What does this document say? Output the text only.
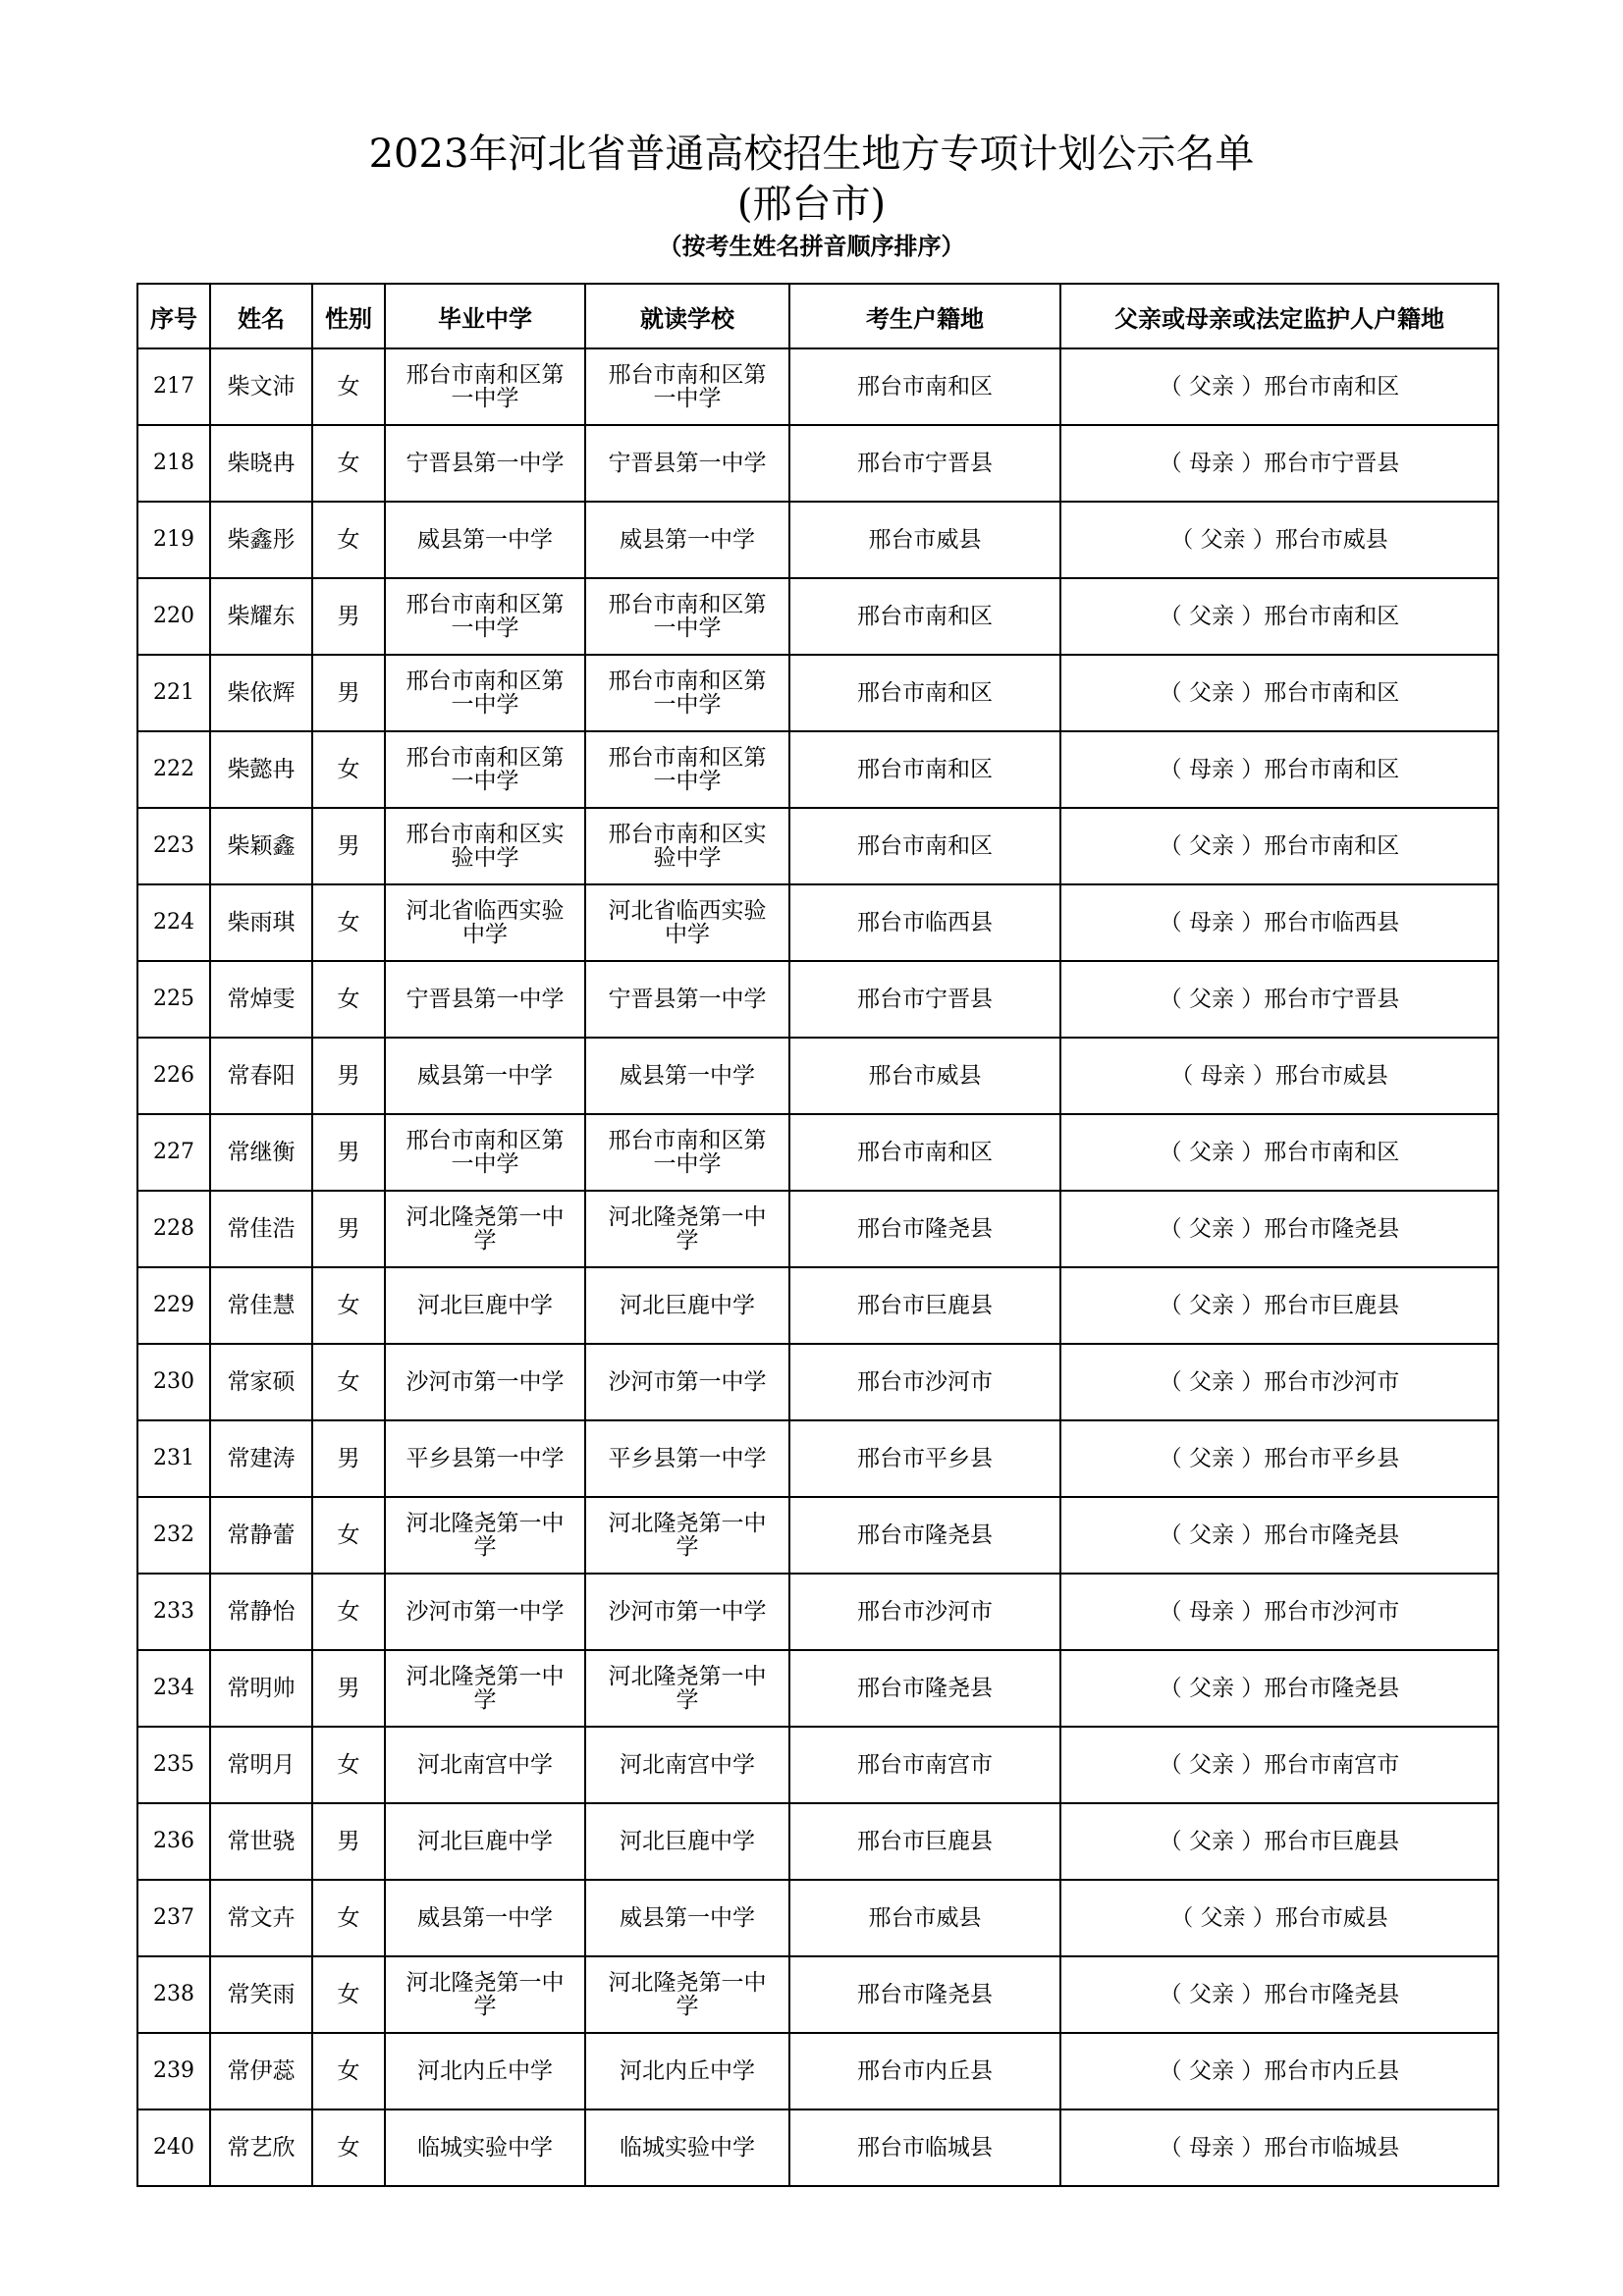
2023年河北省普通高校招生地方专项计划公示名单
(邢台市)
（按考生姓名拼音顺序排序）
序号	姓名	性别	毕业中学	就读学校	考生户籍地	父亲或母亲或法定监护人户籍地
217	柴文沛	女	邢台市南和区第一中学	邢台市南和区第一中学	邢台市南和区	（ 父亲 ）邢台市南和区
218	柴晓冉	女	宁晋县第一中学	宁晋县第一中学	邢台市宁晋县	（ 母亲 ）邢台市宁晋县
219	柴鑫彤	女	威县第一中学	威县第一中学	邢台市威县	（ 父亲 ）邢台市威县
220	柴耀东	男	邢台市南和区第一中学	邢台市南和区第一中学	邢台市南和区	（ 父亲 ）邢台市南和区
221	柴依辉	男	邢台市南和区第一中学	邢台市南和区第一中学	邢台市南和区	（ 父亲 ）邢台市南和区
222	柴懿冉	女	邢台市南和区第一中学	邢台市南和区第一中学	邢台市南和区	（ 母亲 ）邢台市南和区
223	柴颖鑫	男	邢台市南和区实验中学	邢台市南和区实验中学	邢台市南和区	（ 父亲 ）邢台市南和区
224	柴雨琪	女	河北省临西实验中学	河北省临西实验中学	邢台市临西县	（ 母亲 ）邢台市临西县
225	常焯雯	女	宁晋县第一中学	宁晋县第一中学	邢台市宁晋县	（ 父亲 ）邢台市宁晋县
226	常春阳	男	威县第一中学	威县第一中学	邢台市威县	（ 母亲 ）邢台市威县
227	常继衡	男	邢台市南和区第一中学	邢台市南和区第一中学	邢台市南和区	（ 父亲 ）邢台市南和区
228	常佳浩	男	河北隆尧第一中学	河北隆尧第一中学	邢台市隆尧县	（ 父亲 ）邢台市隆尧县
229	常佳慧	女	河北巨鹿中学	河北巨鹿中学	邢台市巨鹿县	（ 父亲 ）邢台市巨鹿县
230	常家硕	女	沙河市第一中学	沙河市第一中学	邢台市沙河市	（ 父亲 ）邢台市沙河市
231	常建涛	男	平乡县第一中学	平乡县第一中学	邢台市平乡县	（ 父亲 ）邢台市平乡县
232	常静蕾	女	河北隆尧第一中学	河北隆尧第一中学	邢台市隆尧县	（ 父亲 ）邢台市隆尧县
233	常静怡	女	沙河市第一中学	沙河市第一中学	邢台市沙河市	（ 母亲 ）邢台市沙河市
234	常明帅	男	河北隆尧第一中学	河北隆尧第一中学	邢台市隆尧县	（ 父亲 ）邢台市隆尧县
235	常明月	女	河北南宫中学	河北南宫中学	邢台市南宫市	（ 父亲 ）邢台市南宫市
236	常世骁	男	河北巨鹿中学	河北巨鹿中学	邢台市巨鹿县	（ 父亲 ）邢台市巨鹿县
237	常文卉	女	威县第一中学	威县第一中学	邢台市威县	（ 父亲 ）邢台市威县
238	常笑雨	女	河北隆尧第一中学	河北隆尧第一中学	邢台市隆尧县	（ 父亲 ）邢台市隆尧县
239	常伊蕊	女	河北内丘中学	河北内丘中学	邢台市内丘县	（ 父亲 ）邢台市内丘县
240	常艺欣	女	临城实验中学	临城实验中学	邢台市临城县	（ 母亲 ）邢台市临城县
